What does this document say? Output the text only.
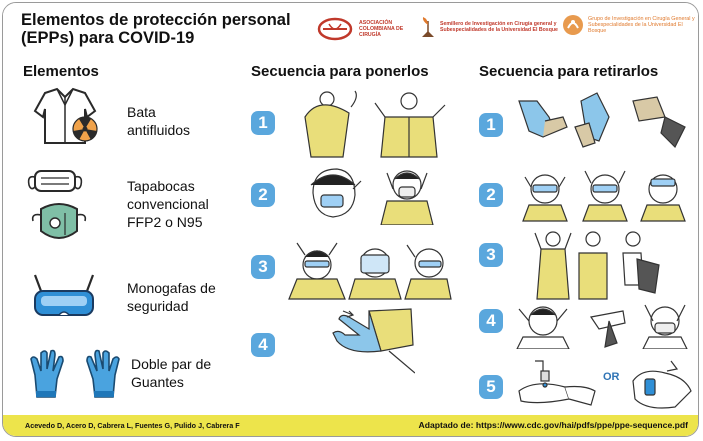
Elementos de protección personal (EPPs) para COVID-19
ASOCIACIÓN COLOMBIANA DE CIRUGÍA
Semillero de Investigación en Cirugía general y Subespecialidades de la Universidad El Bosque
Grupo de Investigación en Cirugía General y Subespecialidades de la Universidad El Bosque
Elementos	Secuencia para ponerlos	Secuencia para retirarlos
Bata antifluidos
Tapabocas convencional FFP2 o N95
Monogafas de seguridad
Doble par de Guantes
1
2
3
4
1
2
3
4
5	OR
Acevedo D, Acero D, Cabrera L, Fuentes G, Pulido J, Cabrera F	Adaptado de: https://www.cdc.gov/hai/pdfs/ppe/ppe-sequence.pdf
